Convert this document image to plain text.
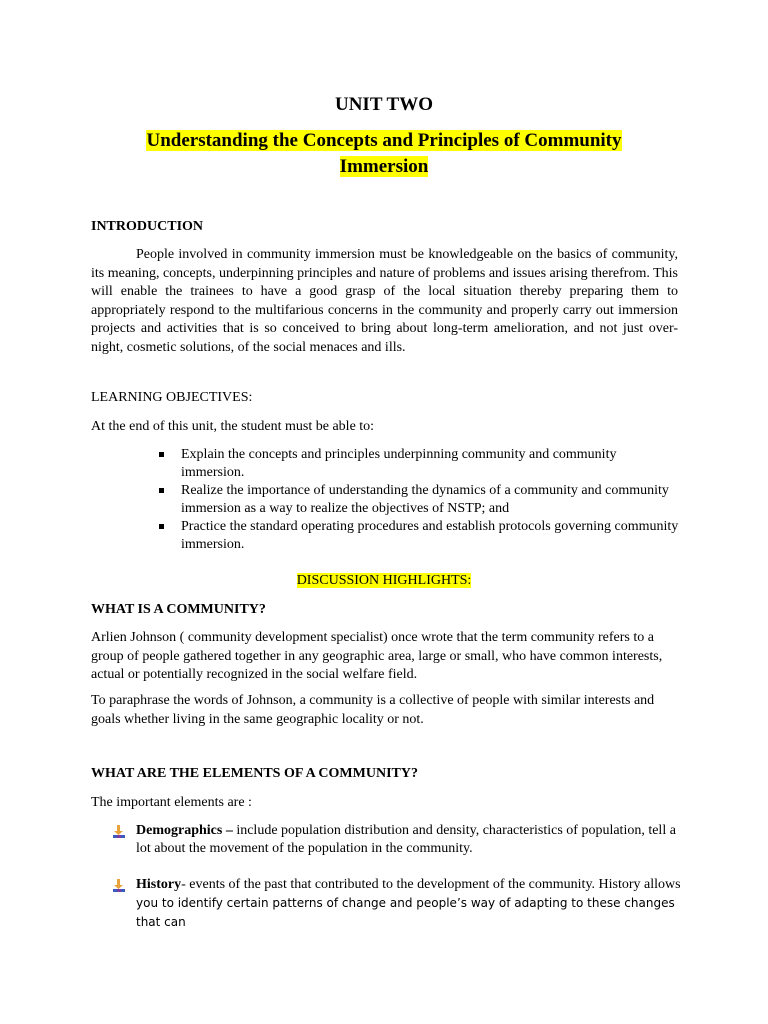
UNIT TWO
Understanding the Concepts and Principles of Community Immersion
INTRODUCTION
People involved in community immersion must be knowledgeable on the basics of community, its meaning, concepts, underpinning principles and nature of problems and issues arising therefrom. This will enable the trainees to have a good grasp of the local situation thereby preparing them to appropriately respond to the multifarious concerns in the community and properly carry out immersion projects and activities that is so conceived to bring about long-term amelioration, and not just over-night, cosmetic solutions, of the social menaces and ills.
LEARNING OBJECTIVES:
At the end of this unit, the student must be able to:
Explain the concepts and principles underpinning community and community immersion.
Realize the importance of understanding the dynamics of a community and community immersion as a way to realize the objectives of NSTP; and
Practice the standard operating procedures and establish protocols governing community immersion.
DISCUSSION HIGHLIGHTS:
WHAT IS A COMMUNITY?
Arlien Johnson ( community development specialist) once wrote that the term community refers to a group of people gathered together in any geographic area, large or small, who have common interests, actual or potentially recognized in the social welfare field.
To paraphrase the words of Johnson, a community is a collective of people with similar interests and goals whether living in the same geographic locality or not.
WHAT ARE THE ELEMENTS OF A COMMUNITY?
The important elements are :
Demographics – include population distribution and density, characteristics of population, tell a lot about the movement of the population in the community.
History- events of the past that contributed to the development of the community. History allows you to identify certain patterns of change and people’s way of adapting to these changes that can
